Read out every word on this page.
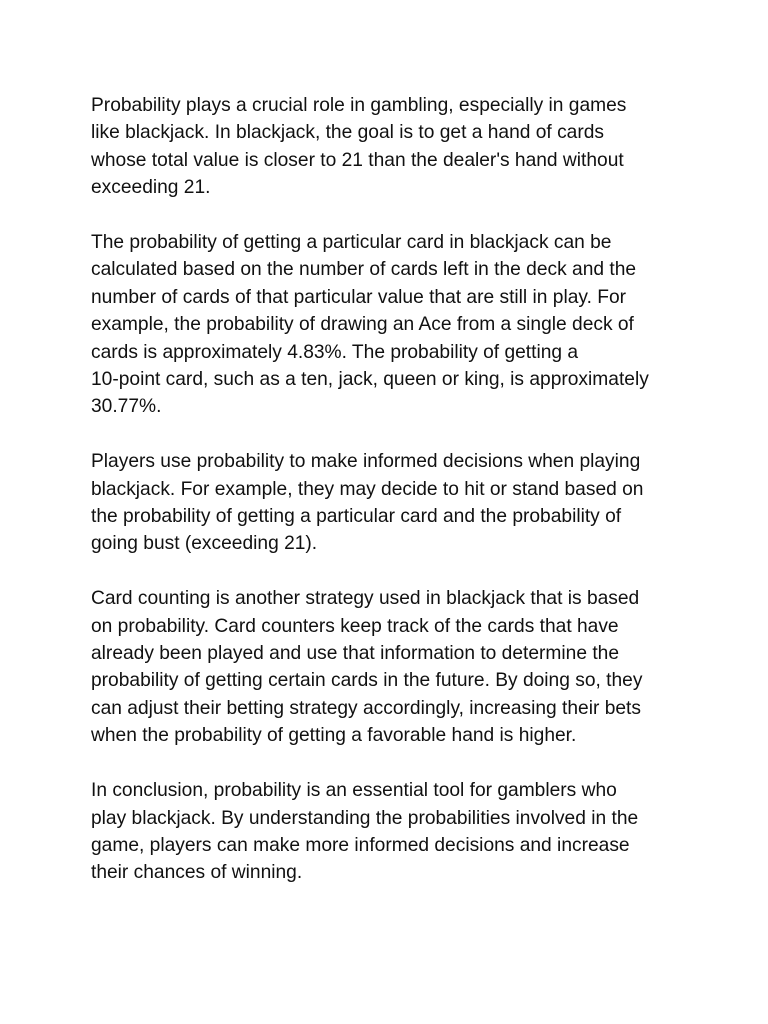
Probability plays a crucial role in gambling, especially in games
like blackjack. In blackjack, the goal is to get a hand of cards
whose total value is closer to 21 than the dealer's hand without
exceeding 21.

The probability of getting a particular card in blackjack can be
calculated based on the number of cards left in the deck and the
number of cards of that particular value that are still in play. For
example, the probability of drawing an Ace from a single deck of
cards is approximately 4.83%. The probability of getting a
10-point card, such as a ten, jack, queen or king, is approximately
30.77%.

Players use probability to make informed decisions when playing
blackjack. For example, they may decide to hit or stand based on
the probability of getting a particular card and the probability of
going bust (exceeding 21).

Card counting is another strategy used in blackjack that is based
on probability. Card counters keep track of the cards that have
already been played and use that information to determine the
probability of getting certain cards in the future. By doing so, they
can adjust their betting strategy accordingly, increasing their bets
when the probability of getting a favorable hand is higher.

In conclusion, probability is an essential tool for gamblers who
play blackjack. By understanding the probabilities involved in the
game, players can make more informed decisions and increase
their chances of winning.
